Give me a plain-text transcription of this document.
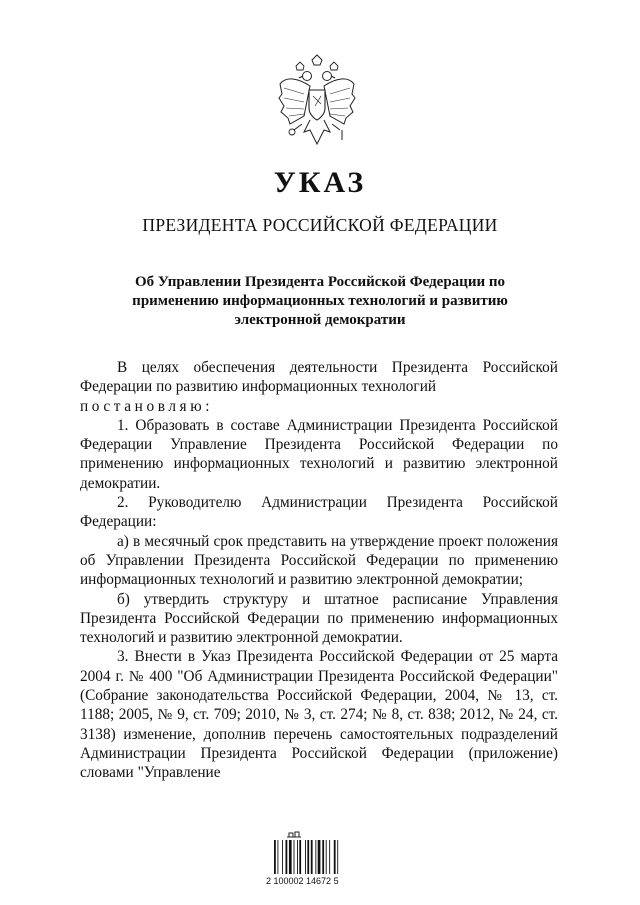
УКАЗ
ПРЕЗИДЕНТА РОССИЙСКОЙ ФЕДЕРАЦИИ
Об Управлении Президента Российской Федерации по
применению информационных технологий и развитию
электронной демократии

В целях обеспечения деятельности Президента Российской Федерации по развитию информационных технологий

постановляю:

1. Образовать в составе Администрации Президента Российской Федерации Управление Президента Российской Федерации по применению информационных технологий и развитию электронной демократии.

2. Руководителю Администрации Президента Российской Федерации:

а) в месячный срок представить на утверждение проект положения об Управлении Президента Российской Федерации по применению информационных технологий и развитию электронной демократии;

б) утвердить структуру и штатное расписание Управления Президента Российской Федерации по применению информационных технологий и развитию электронной демократии.

3. Внести в Указ Президента Российской Федерации от 25 марта 2004 г. № 400 "Об Администрации Президента Российской Федерации" (Собрание законодательства Российской Федерации, 2004, № 13, ст. 1188; 2005, № 9, ст. 709; 2010, № 3, ст. 274; № 8, ст. 838; 2012, № 24, ст. 3138) изменение, дополнив перечень самостоятельных подразделений Администрации Президента Российской Федерации (приложение) словами "Управление

2 100002 14672 5
